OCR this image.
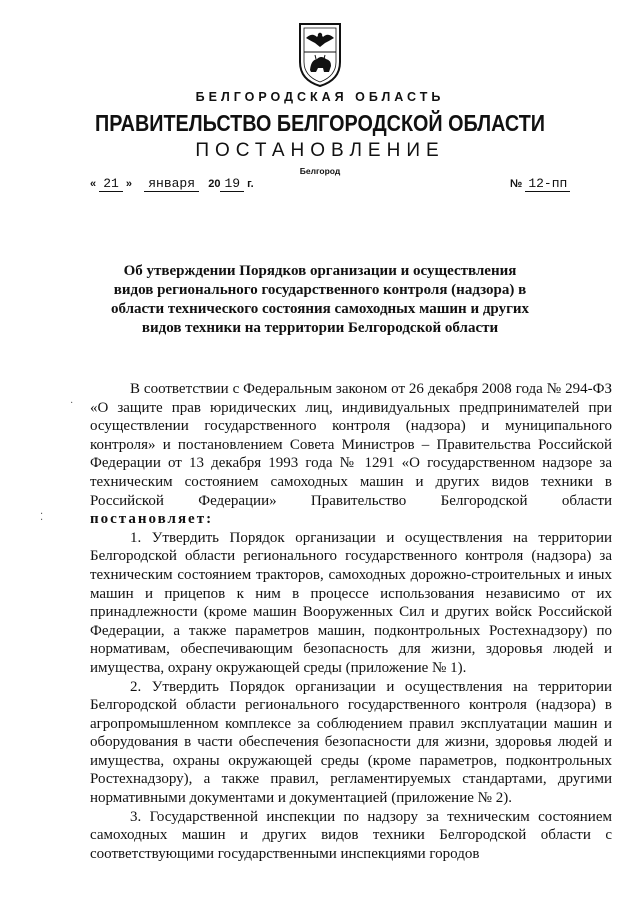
БЕЛГОРОДСКАЯ ОБЛАСТЬ
ПРАВИТЕЛЬСТВО БЕЛГОРОДСКОЙ ОБЛАСТИ
ПОСТАНОВЛЕНИЕ
Белгород
« 21 » января 20 19 г.	№ 12-пп
Об утверждении Порядков организации и осуществления видов регионального государственного контроля (надзора) в области технического состояния самоходных машин и других видов техники на территории Белгородской области

В соответствии с Федеральным законом от 26 декабря 2008 года № 294-ФЗ «О защите прав юридических лиц, индивидуальных предпринимателей при осуществлении государственного контроля (надзора) и муниципального контроля» и постановлением Совета Министров – Правительства Российской Федерации от 13 декабря 1993 года № 1291 «О государственном надзоре за техническим состоянием самоходных машин и других видов техники в Российской Федерации» Правительство Белгородской области постановляет:

1. Утвердить Порядок организации и осуществления на территории Белгородской области регионального государственного контроля (надзора) за техническим состоянием тракторов, самоходных дорожно-строительных и иных машин и прицепов к ним в процессе использования независимо от их принадлежности (кроме машин Вооруженных Сил и других войск Российской Федерации, а также параметров машин, подконтрольных Ростехнадзору) по нормативам, обеспечивающим безопасность для жизни, здоровья людей и имущества, охрану окружающей среды (приложение № 1).

2. Утвердить Порядок организации и осуществления на территории Белгородской области регионального государственного контроля (надзора) в агропромышленном комплексе за соблюдением правил эксплуатации машин и оборудования в части обеспечения безопасности для жизни, здоровья людей и имущества, охраны окружающей среды (кроме параметров, подконтрольных Ростехнадзору), а также правил, регламентируемых стандартами, другими нормативными документами и документацией (приложение № 2).

3. Государственной инспекции по надзору за техническим состоянием самоходных машин и других видов техники Белгородской области с соответствующими государственными инспекциями городов

⁚
·
